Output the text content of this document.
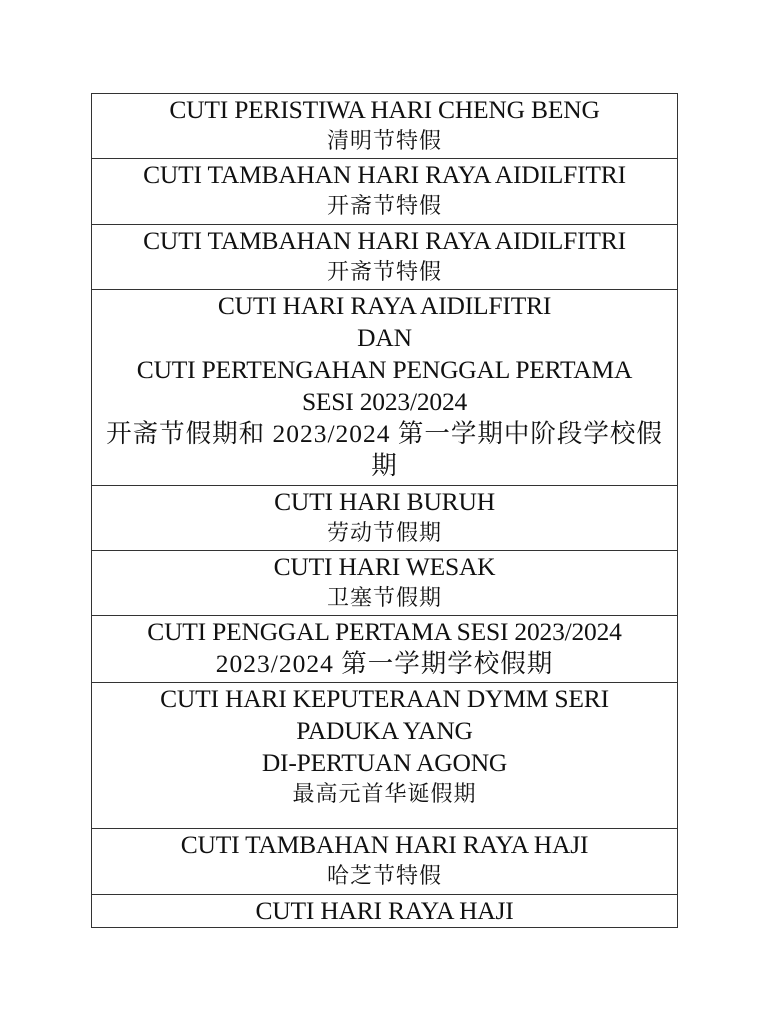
CUTI PERISTIWA HARI CHENG BENG
清明节特假

CUTI TAMBAHAN HARI RAYA AIDILFITRI
开斋节特假

CUTI TAMBAHAN HARI RAYA AIDILFITRI
开斋节特假

CUTI HARI RAYA AIDILFITRI
DAN
CUTI PERTENGAHAN PENGGAL PERTAMA
SESI 2023/2024
开斋节假期和 2023/2024 第一学期中阶段学校假期

CUTI HARI BURUH
劳动节假期

CUTI HARI WESAK
卫塞节假期

CUTI PENGGAL PERTAMA SESI 2023/2024
2023/2024 第一学期学校假期

CUTI HARI KEPUTERAAN DYMM SERI
PADUKA YANG
DI-PERTUAN AGONG
最高元首华诞假期

CUTI TAMBAHAN HARI RAYA HAJI
哈芝节特假

CUTI HARI RAYA HAJI
